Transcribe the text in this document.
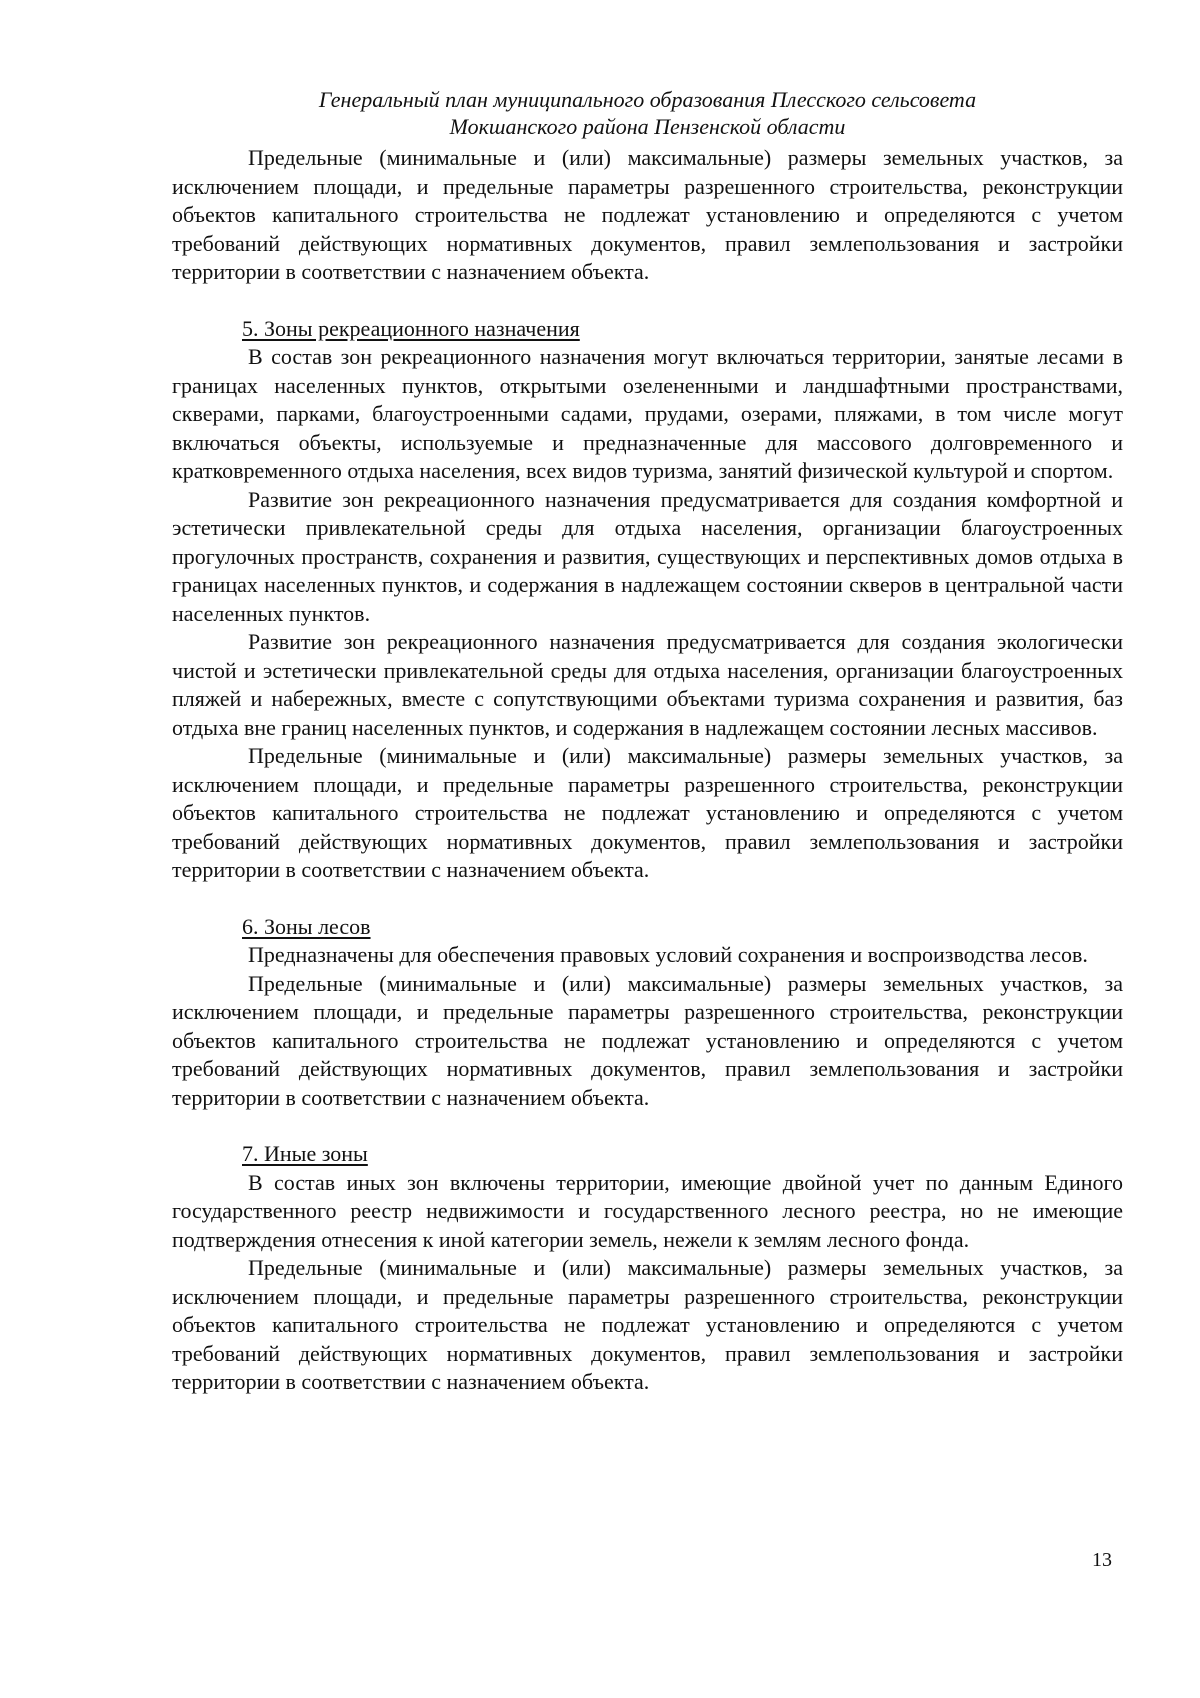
Генеральный план муниципального образования Плесского сельсовета
Мокшанского района Пензенской области

Предельные (минимальные и (или) максимальные) размеры земельных участков, за исключением площади, и предельные параметры разрешенного строительства, реконструкции объектов капитального строительства не подлежат установлению и определяются с учетом требований действующих нормативных документов, правил землепользования и застройки территории в соответствии с назначением объекта.

5. Зоны рекреационного назначения

В состав зон рекреационного назначения могут включаться территории, занятые лесами в границах населенных пунктов, открытыми озелененными и ландшафтными пространствами, скверами, парками, благоустроенными садами, прудами, озерами, пляжами, в том числе могут включаться объекты, используемые и предназначенные для массового долговременного и кратковременного отдыха населения, всех видов туризма, занятий физической культурой и спортом.

Развитие зон рекреационного назначения предусматривается для создания комфортной и эстетически привлекательной среды для отдыха населения, организации благоустроенных прогулочных пространств, сохранения и развития, существующих и перспективных домов отдыха в границах населенных пунктов, и содержания в надлежащем состоянии скверов в центральной части населенных пунктов.

Развитие зон рекреационного назначения предусматривается для создания экологически чистой и эстетически привлекательной среды для отдыха населения, организации благоустроенных пляжей и набережных, вместе с сопутствующими объектами туризма сохранения и развития, баз отдыха вне границ населенных пунктов, и содержания в надлежащем состоянии лесных массивов.

Предельные (минимальные и (или) максимальные) размеры земельных участков, за исключением площади, и предельные параметры разрешенного строительства, реконструкции объектов капитального строительства не подлежат установлению и определяются с учетом требований действующих нормативных документов, правил землепользования и застройки территории в соответствии с назначением объекта.

6. Зоны лесов

Предназначены для обеспечения правовых условий сохранения и воспроизводства лесов.

Предельные (минимальные и (или) максимальные) размеры земельных участков, за исключением площади, и предельные параметры разрешенного строительства, реконструкции объектов капитального строительства не подлежат установлению и определяются с учетом требований действующих нормативных документов, правил землепользования и застройки территории в соответствии с назначением объекта.

7. Иные зоны

В состав иных зон включены территории, имеющие двойной учет по данным Единого государственного реестр недвижимости и государственного лесного реестра, но не имеющие подтверждения отнесения к иной категории земель, нежели к землям лесного фонда.

Предельные (минимальные и (или) максимальные) размеры земельных участков, за исключением площади, и предельные параметры разрешенного строительства, реконструкции объектов капитального строительства не подлежат установлению и определяются с учетом требований действующих нормативных документов, правил землепользования и застройки территории в соответствии с назначением объекта.

13
